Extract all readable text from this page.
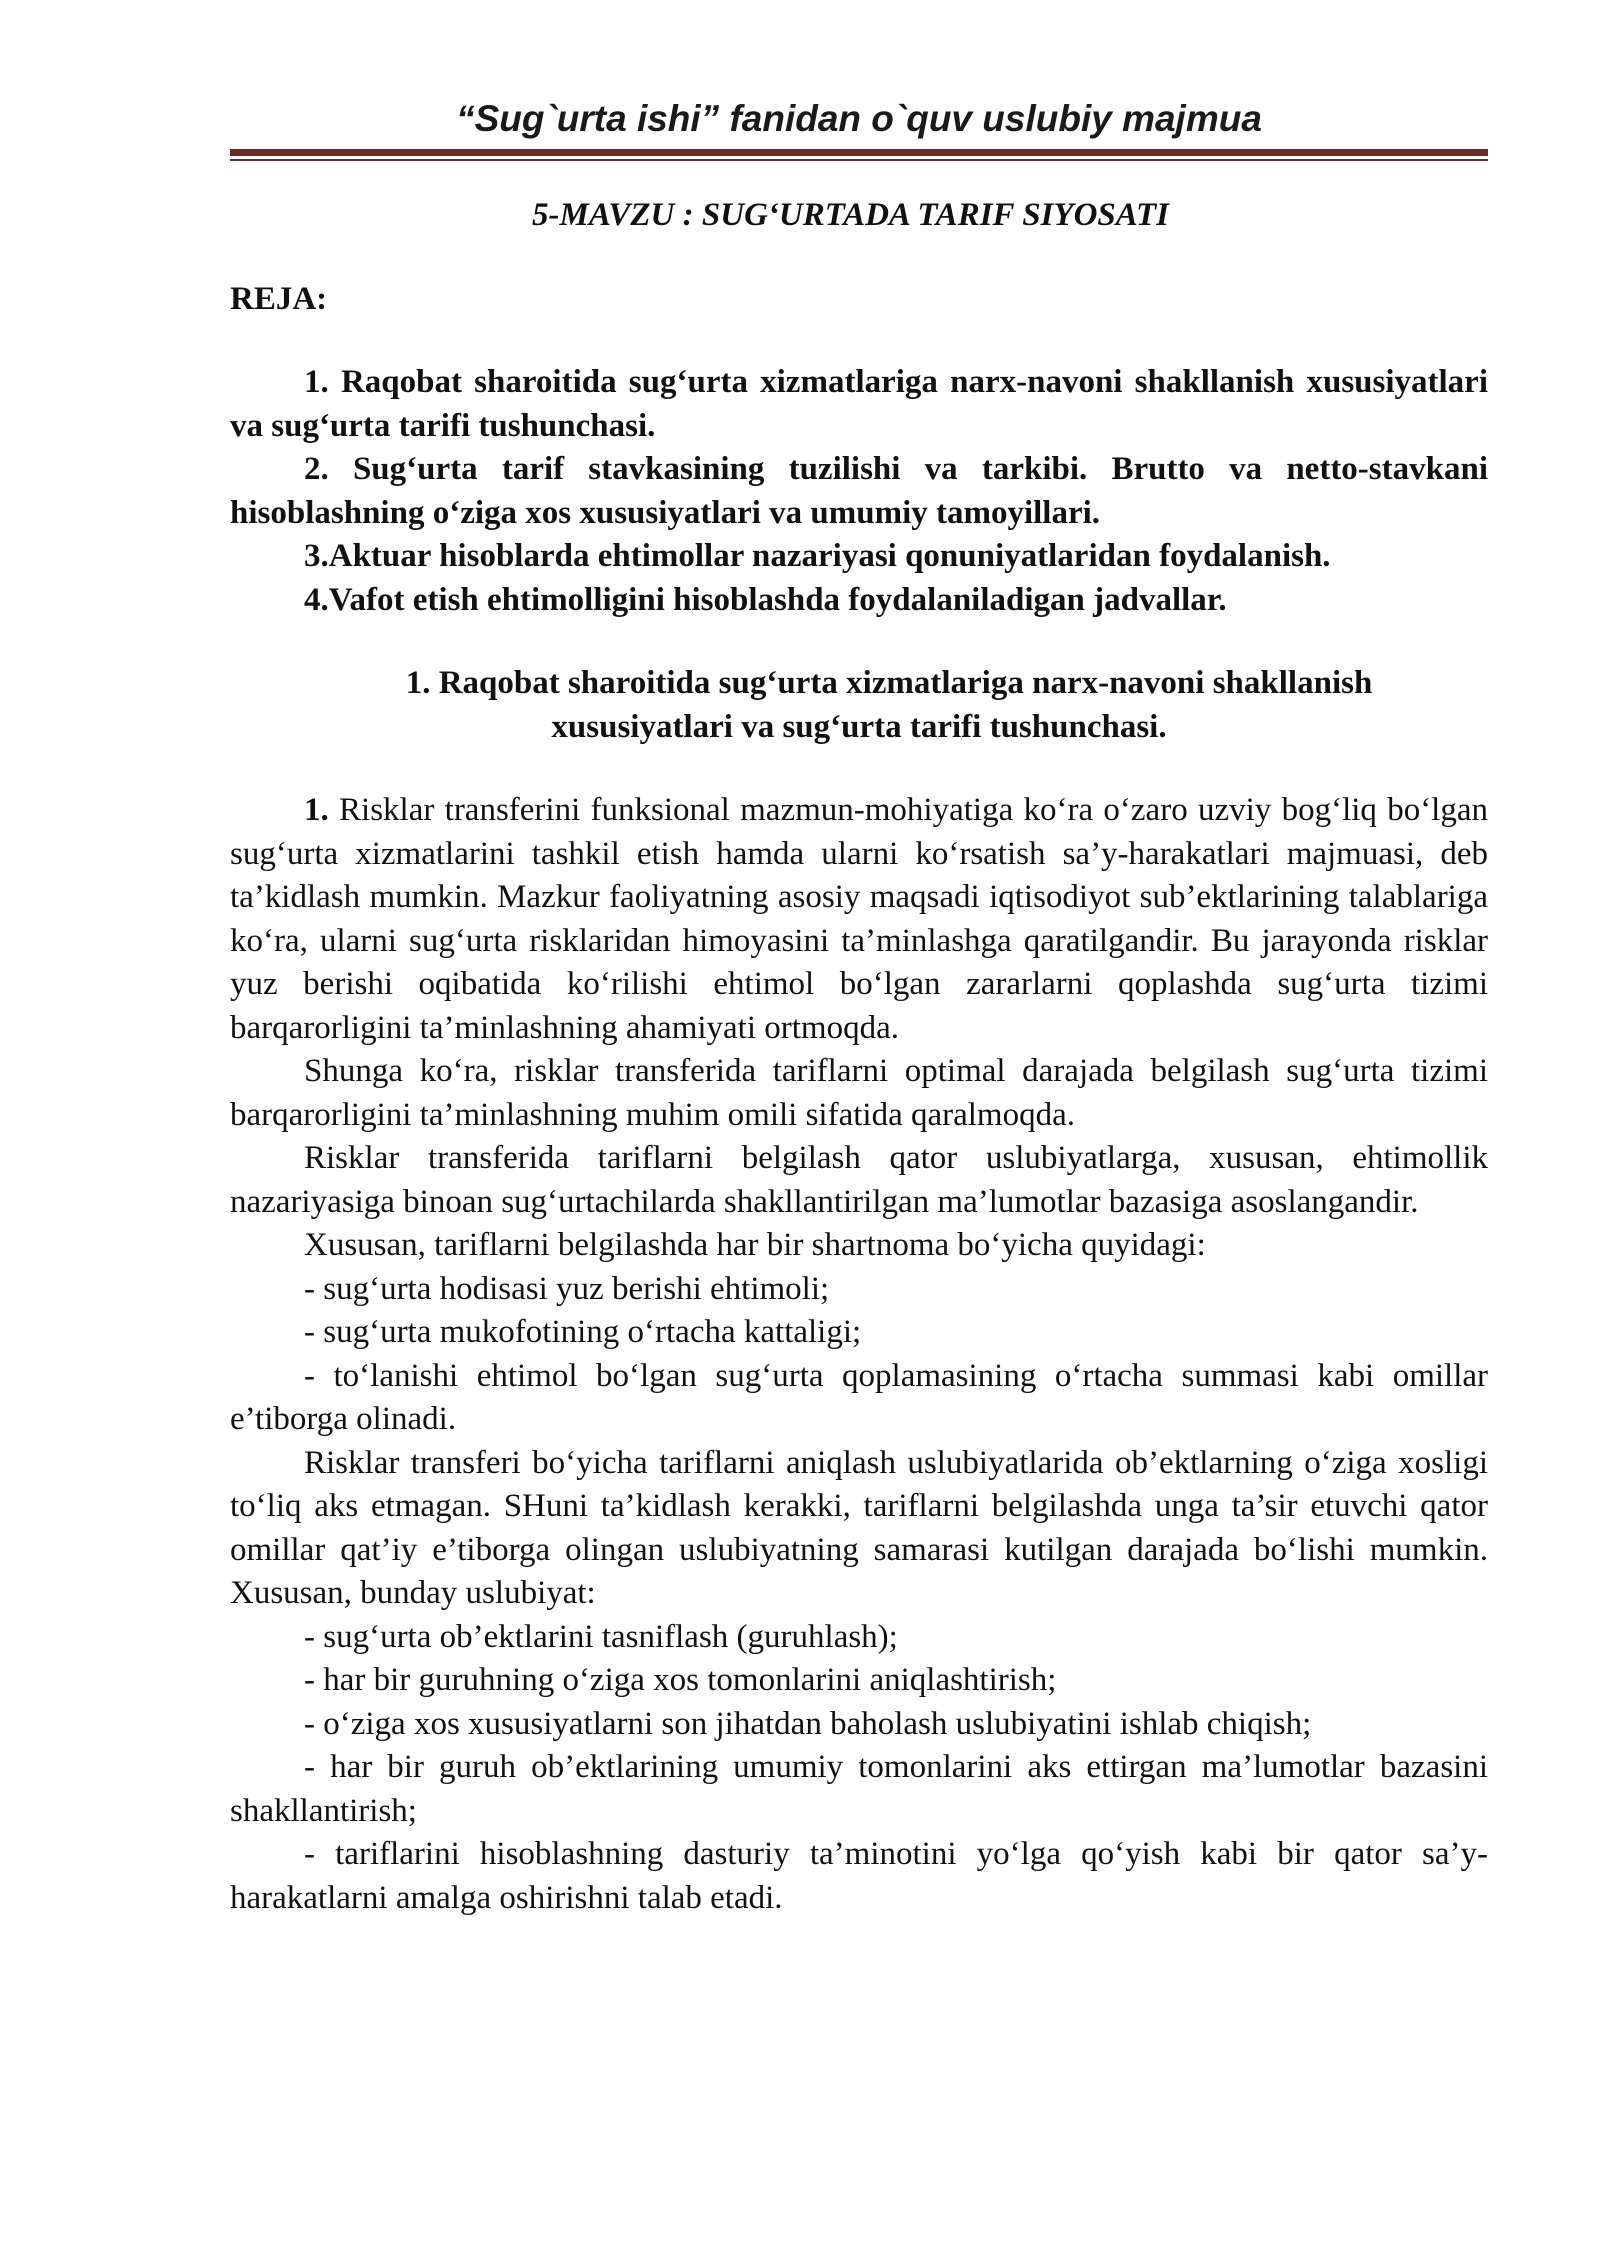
“Sug`urta ishi” fanidan o`quv uslubiy majmua

5-MAVZU : SUG‘URTADA TARIF SIYOSATI

REJA:

1. Raqobat sharoitida sug‘urta xizmatlariga narx-navoni shakllanish xususiyatlari va sug‘urta tarifi tushunchasi.

2. Sug‘urta tarif stavkasining tuzilishi va tarkibi. Brutto va netto-stavkani hisoblashning o‘ziga xos xususiyatlari va umumiy tamoyillari.

3.Aktuar hisoblarda ehtimollar nazariyasi qonuniyatlaridan foydalanish.

4.Vafot etish ehtimolligini hisoblashda foydalaniladigan jadvallar.

1. Raqobat sharoitida sug‘urta xizmatlariga narx-navoni shakllanish
xususiyatlari va sug‘urta tarifi tushunchasi.

1. Risklar transferini funksional mazmun-mohiyatiga ko‘ra o‘zaro uzviy bog‘liq bo‘lgan sug‘urta xizmatlarini tashkil etish hamda ularni ko‘rsatish sa’y-harakatlari majmuasi, deb ta’kidlash mumkin. Mazkur faoliyatning asosiy maqsadi iqtisodiyot sub’ektlarining talablariga ko‘ra, ularni sug‘urta risklaridan himoyasini ta’minlashga qaratilgandir. Bu jarayonda risklar yuz berishi oqibatida ko‘rilishi ehtimol bo‘lgan zararlarni qoplashda sug‘urta tizimi barqarorligini ta’minlashning ahamiyati ortmoqda.

Shunga ko‘ra, risklar transferida tariflarni optimal darajada belgilash sug‘urta tizimi barqarorligini ta’minlashning muhim omili sifatida qaralmoqda.

Risklar transferida tariflarni belgilash qator uslubiyatlarga, xususan, ehtimollik nazariyasiga binoan sug‘urtachilarda shakllantirilgan ma’lumotlar bazasiga asoslangandir.

Xususan, tariflarni belgilashda har bir shartnoma bo‘yicha quyidagi:

- sug‘urta hodisasi yuz berishi ehtimoli;

- sug‘urta mukofotining o‘rtacha kattaligi;

- to‘lanishi ehtimol bo‘lgan sug‘urta qoplamasining o‘rtacha summasi kabi omillar e’tiborga olinadi.

Risklar transferi bo‘yicha tariflarni aniqlash uslubiyatlarida ob’ektlarning o‘ziga xosligi to‘liq aks etmagan. SHuni ta’kidlash kerakki, tariflarni belgilashda unga ta’sir etuvchi qator omillar qat’iy e’tiborga olingan uslubiyatning samarasi kutilgan darajada bo‘lishi mumkin. Xususan, bunday uslubiyat:

- sug‘urta ob’ektlarini tasniflash (guruhlash);

- har bir guruhning o‘ziga xos tomonlarini aniqlashtirish;

- o‘ziga xos xususiyatlarni son jihatdan baholash uslubiyatini ishlab chiqish;

- har bir guruh ob’ektlarining umumiy tomonlarini aks ettirgan ma’lumotlar bazasini shakllantirish;

- tariflarini hisoblashning dasturiy ta’minotini yo‘lga qo‘yish kabi bir qator sa’y-harakatlarni amalga oshirishni talab etadi.
